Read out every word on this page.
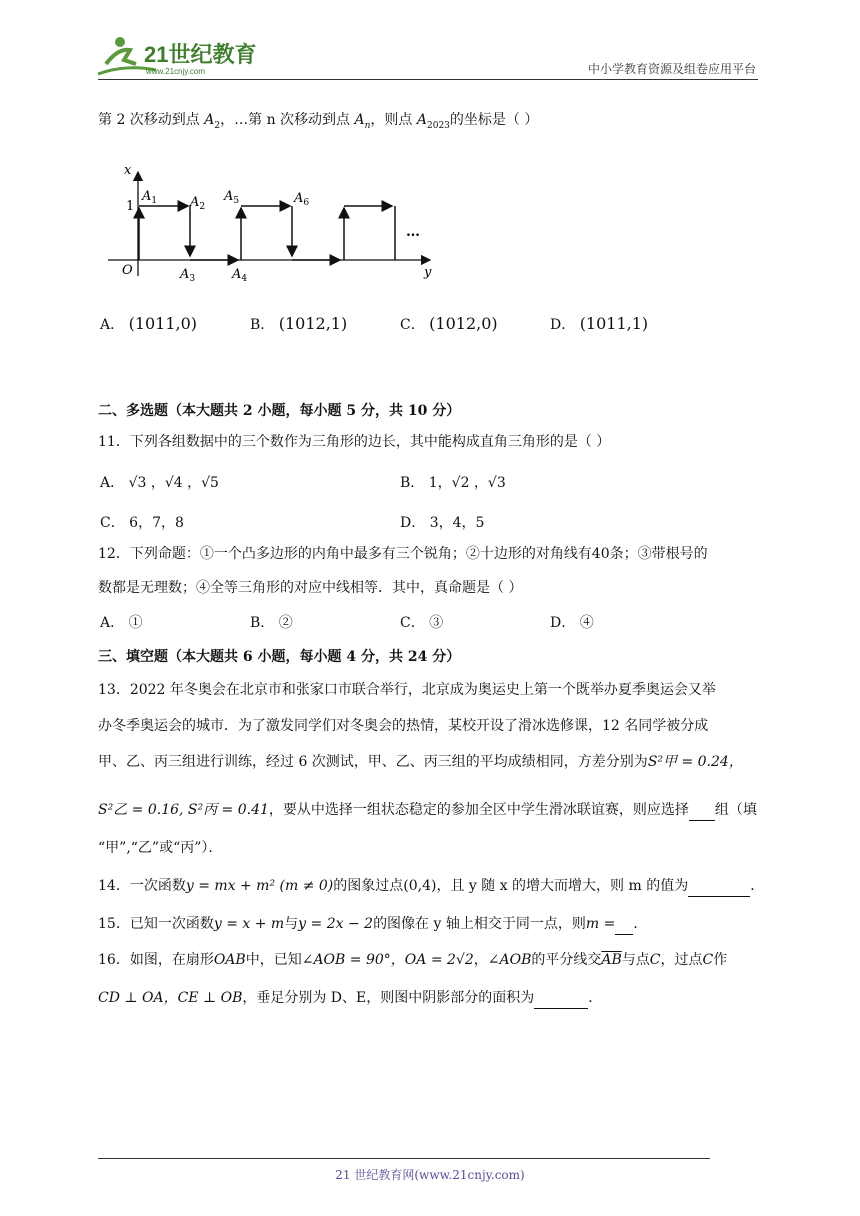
21世纪教育
www.21cnjy.com	中小学教育资源及组卷应用平台
第 2 次移动到点 $A_2$，…第 n 次移动到点 $A_n$，则点 $A_{2023}$的坐标是（ ）
x
y
O
1
$A_1$	$A_2$
$A_3$	$A_4$
$A_5$	$A_6$
…
A． (1011,0)	B． (1012,1)	C． (1012,0)	D． (1011,1)
二、多选题（本大题共 2 小题，每小题 5 分，共 10 分）
11．下列各组数据中的三个数作为三角形的边长，其中能构成直角三角形的是（ ）
A． √3 ，√4 ，√5	B． 1，√2 ，√3
C． 6，7，8	D． 3，4，5
12．下列命题：①一个凸多边形的内角中最多有三个锐角；②十边形的对角线有40条；③带根号的
数都是无理数；④全等三角形的对应中线相等．其中，真命题是（ ）
A． ①	B． ②	C． ③	D． ④
三、填空题（本大题共 6 小题，每小题 4 分，共 24 分）
13．2022 年冬奥会在北京市和张家口市联合举行，北京成为奥运史上第一个既举办夏季奥运会又举
办冬季奥运会的城市．为了激发同学们对冬奥会的热情，某校开设了滑冰选修课，12 名同学被分成
甲、乙、丙三组进行训练，经过 6 次测试，甲、乙、丙三组的平均成绩相同，方差分别为S²甲 = 0.24，
S²乙 = 0.16, S²丙 = 0.41，要从中选择一组状态稳定的参加全区中学生滑冰联谊赛，则应选择 组（填
“甲”,“乙”或“丙”）．
14．一次函数y = mx + m² (m ≠ 0)的图象过点(0,4)，且 y 随 x 的增大而增大，则 m 的值为	．
15．已知一次函数y = x + m与y = 2x − 2的图像在 y 轴上相交于同一点，则m = ．
16．如图，在扇形OAB中，已知∠AOB = 90°，OA = 2√2，∠AOB的平分线交$\overline{AB}$与点C，过点C作
CD ⊥ OA，CE ⊥ OB，垂足分别为 D、E，则图中阴影部分的面积为	．
21 世纪教育网(www.21cnjy.com)
